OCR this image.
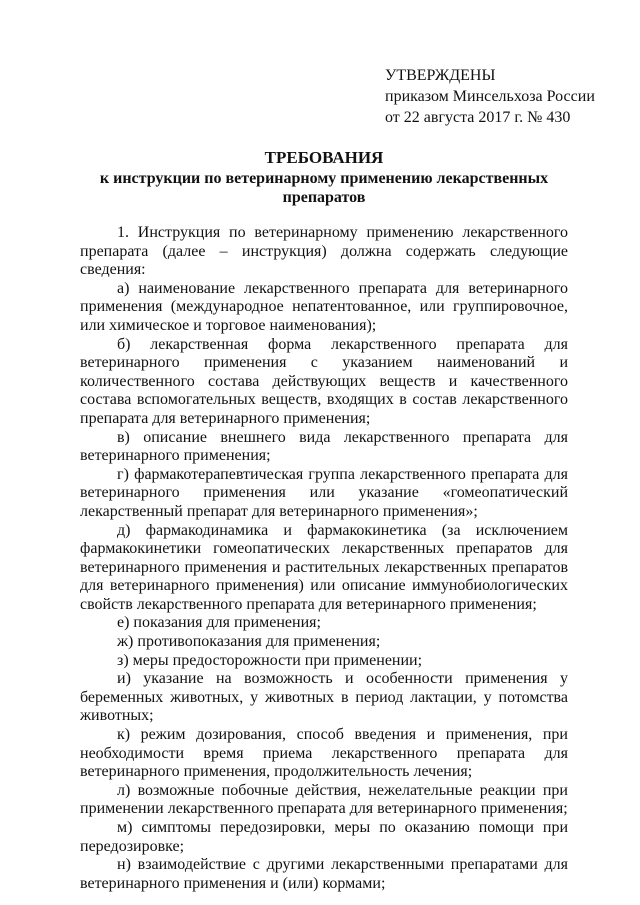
УТВЕРЖДЕНЫ
приказом Минсельхоза России
от 22 августа 2017 г. № 430
ТРЕБОВАНИЯ
к инструкции по ветеринарному применению лекарственных препаратов

1. Инструкция по ветеринарному применению лекарственного препарата (далее – инструкция) должна содержать следующие сведения:

а) наименование лекарственного препарата для ветеринарного применения (международное непатентованное, или группировочное, или химическое и торговое наименования);

б) лекарственная форма лекарственного препарата для ветеринарного применения с указанием наименований и количественного состава действующих веществ и качественного состава вспомогательных веществ, входящих в состав лекарственного препарата для ветеринарного применения;

в) описание внешнего вида лекарственного препарата для ветеринарного применения;

г) фармакотерапевтическая группа лекарственного препарата для ветеринарного применения или указание «гомеопатический лекарственный препарат для ветеринарного применения»;

д) фармакодинамика и фармакокинетика (за исключением фармакокинетики гомеопатических лекарственных препаратов для ветеринарного применения и растительных лекарственных препаратов для ветеринарного применения) или описание иммунобиологических свойств лекарственного препарата для ветеринарного применения;

е) показания для применения;

ж) противопоказания для применения;

з) меры предосторожности при применении;

и) указание на возможность и особенности применения у беременных животных, у животных в период лактации, у потомства животных;

к) режим дозирования, способ введения и применения, при необходимости время приема лекарственного препарата для ветеринарного применения, продолжительность лечения;

л) возможные побочные действия, нежелательные реакции при применении лекарственного препарата для ветеринарного применения;

м) симптомы передозировки, меры по оказанию помощи при передозировке;

н) взаимодействие с другими лекарственными препаратами для ветеринарного применения и (или) кормами;
